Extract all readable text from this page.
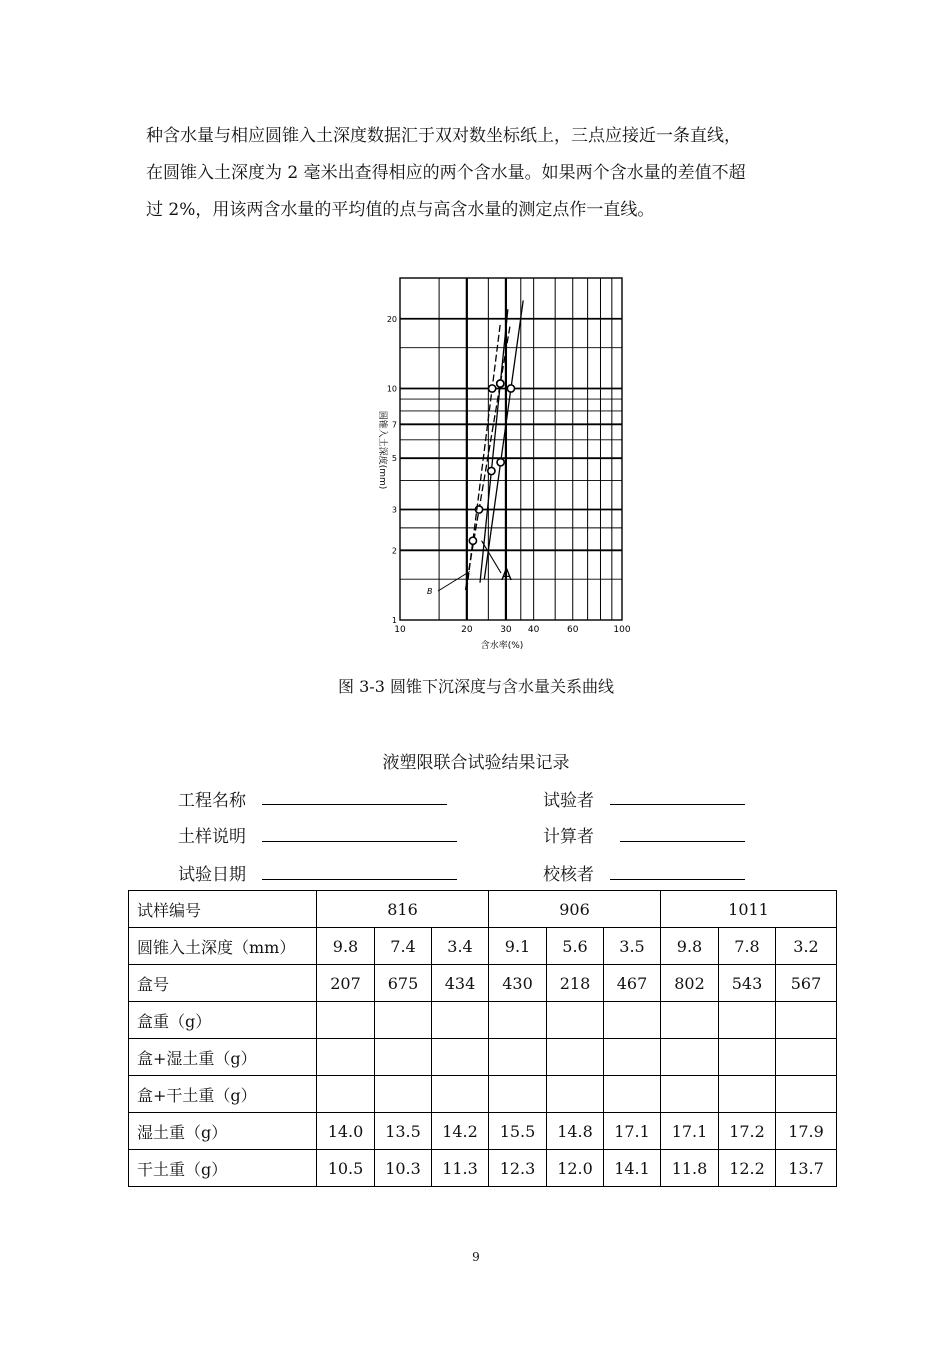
种含水量与相应圆锥入土深度数据汇于双对数坐标纸上，三点应接近一条直线，

在圆锥入土深度为 2 毫米出查得相应的两个含水量。如果两个含水量的差值不超

过 2%，用该两含水量的平均值的点与高含水量的测定点作一直线。

10	20	30 40	60	100
1
2
3
5
7
10
20
含水率(%)
圆锥入土深度(mm)
A
B
图 3-3 圆锥下沉深度与含水量关系曲线
液塑限联合试验结果记录
工程名称	试验者
土样说明	计算者
试验日期	校核者
试样编号	816			906			1011		
圆锥入土深度（mm）	9.8	7.4	3.4	9.1	5.6	3.5	9.8	7.8	3.2
盒号	207	675	434	430	218	467	802	543	567
盒重（g）									
盒+湿土重（g）									
盒+干土重（g）									
湿土重（g）	14.0	13.5	14.2	15.5	14.8	17.1	17.1	17.2	17.9
干土重（g）	10.5	10.3	11.3	12.3	12.0	14.1	11.8	12.2	13.7
9
